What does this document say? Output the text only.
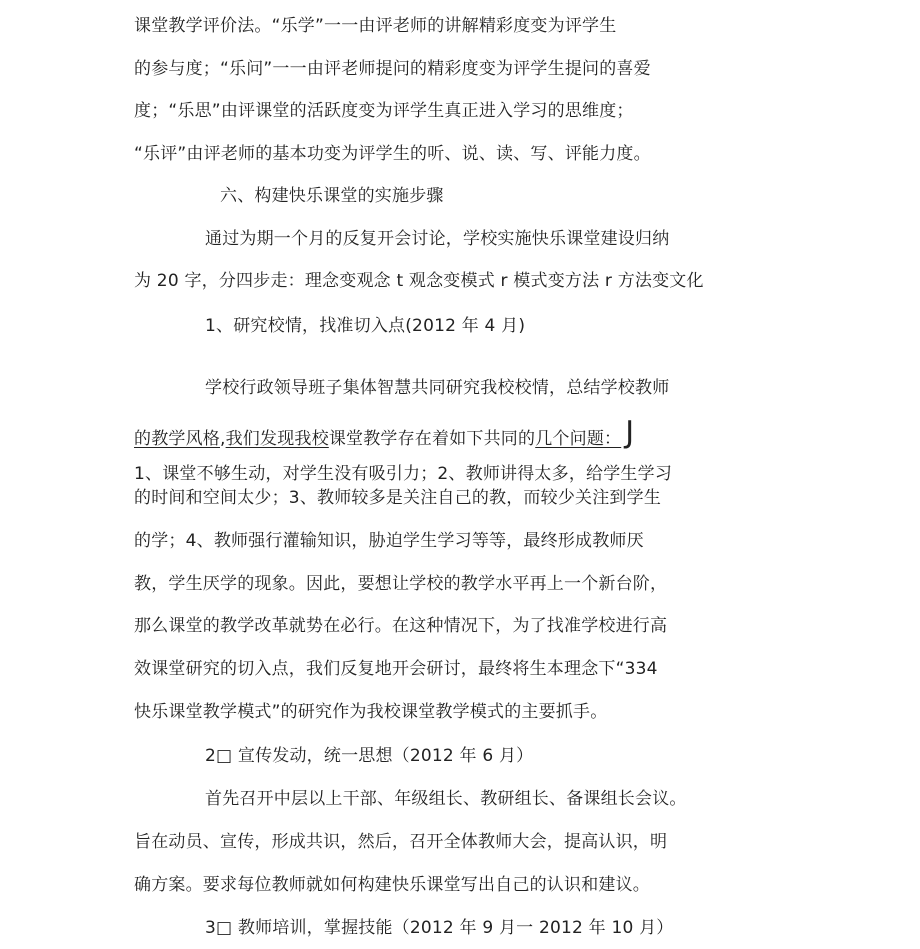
课堂教学评价法。“乐学”一一由评老师的讲解精彩度变为评学生
的参与度；“乐问”一一由评老师提问的精彩度变为评学生提问的喜爱
度；“乐思”由评课堂的活跃度变为评学生真正进入学习的思维度；
“乐评”由评老师的基本功变为评学生的听、说、读、写、评能力度。
六、构建快乐课堂的实施步骤
通过为期一个月的反复开会讨论，学校实施快乐课堂建设归纳
为 20 字，分四步走：理念变观念 t 观念变模式 r 模式变方法 r 方法变文化
1、研究校情，找准切入点(2012 年 4 月)
学校行政领导班子集体智慧共同研究我校校情，总结学校教师
的教学风格,我们发现我校课堂教学存在着如下共同的几个问题： J
1、课堂不够生动，对学生没有吸引力；2、教师讲得太多，给学生学习
的时间和空间太少；3、教师较多是关注自己的教，而较少关注到学生
的学；4、教师强行灌输知识，胁迫学生学习等等，最终形成教师厌
教，学生厌学的现象。因此，要想让学校的教学水平再上一个新台阶，
那么课堂的教学改革就势在必行。在这种情况下，为了找准学校进行高
效课堂研究的切入点，我们反复地开会研讨，最终将生本理念下“334
快乐课堂教学模式”的研究作为我校课堂教学模式的主要抓手。
2□ 宣传发动，统一思想（2012 年 6 月）
首先召开中层以上干部、年级组长、教研组长、备课组长会议。
旨在动员、宣传，形成共识，然后，召开全体教师大会，提高认识，明
确方案。要求每位教师就如何构建快乐课堂写出自己的认识和建议。
3□ 教师培训，掌握技能（2012 年 9 月一 2012 年 10 月）
